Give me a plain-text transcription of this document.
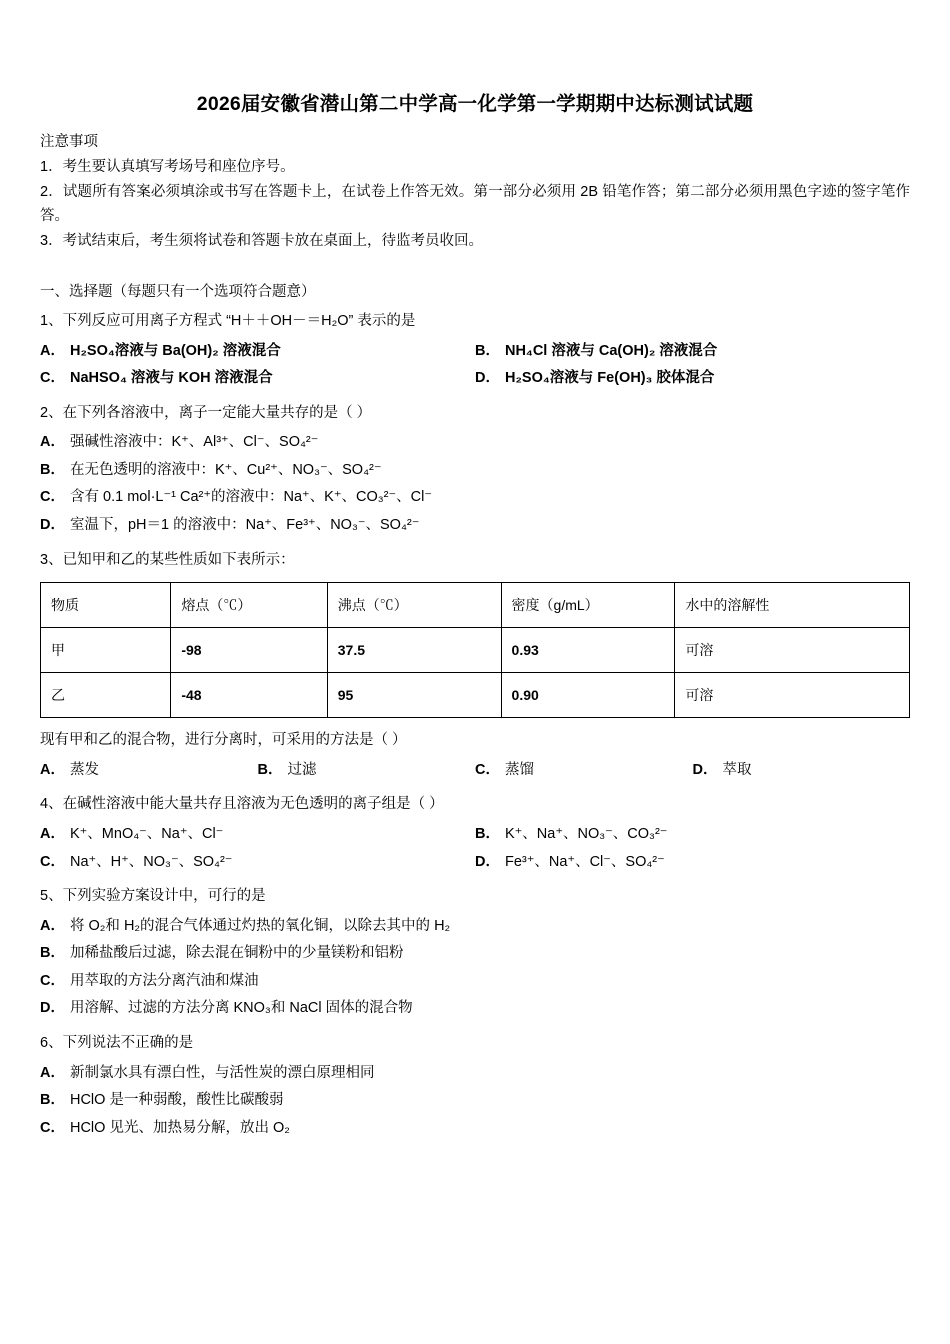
2026届安徽省潜山第二中学高一化学第一学期期中达标测试试题
注意事项

1．考生要认真填写考场号和座位序号。

2．试题所有答案必须填涂或书写在答题卡上，在试卷上作答无效。第一部分必须用 2B 铅笔作答；第二部分必须用黑色字迹的签字笔作答。

3．考试结束后，考生须将试卷和答题卡放在桌面上，待监考员收回。

一、选择题（每题只有一个选项符合题意）
1、下列反应可用离子方程式 “H＋＋OH－＝H₂O” 表示的是
A． H₂SO₄溶液与 Ba(OH)₂ 溶液混合	B． NH₄Cl 溶液与 Ca(OH)₂ 溶液混合
C． NaHSO₄ 溶液与 KOH 溶液混合	D． H₂SO₄溶液与 Fe(OH)₃ 胶体混合
2、在下列各溶液中，离子一定能大量共存的是（ ）
A． 强碱性溶液中：K⁺、Al³⁺、Cl⁻、SO₄²⁻
B． 在无色透明的溶液中：K⁺、Cu²⁺、NO₃⁻、SO₄²⁻
C． 含有 0.1 mol·L⁻¹ Ca²⁺的溶液中：Na⁺、K⁺、CO₃²⁻、Cl⁻
D． 室温下，pH＝1 的溶液中：Na⁺、Fe³⁺、NO₃⁻、SO₄²⁻
3、已知甲和乙的某些性质如下表所示：
物质	熔点（℃）	沸点（℃）	密度（g/mL）	水中的溶解性
甲	-98	37.5	0.93	可溶
乙	-48	95	0.90	可溶
现有甲和乙的混合物，进行分离时，可采用的方法是（ ）
A． 蒸发	B． 过滤	C． 蒸馏	D． 萃取
4、在碱性溶液中能大量共存且溶液为无色透明的离子组是（ ）
A． K⁺、MnO₄⁻、Na⁺、Cl⁻	B． K⁺、Na⁺、NO₃⁻、CO₃²⁻
C． Na⁺、H⁺、NO₃⁻、SO₄²⁻	D． Fe³⁺、Na⁺、Cl⁻、SO₄²⁻
5、下列实验方案设计中，可行的是
A． 将 O₂和 H₂的混合气体通过灼热的氧化铜，以除去其中的 H₂
B． 加稀盐酸后过滤，除去混在铜粉中的少量镁粉和铝粉
C． 用萃取的方法分离汽油和煤油
D． 用溶解、过滤的方法分离 KNO₃和 NaCl 固体的混合物
6、下列说法不正确的是
A． 新制氯水具有漂白性，与活性炭的漂白原理相同
B． HClO 是一种弱酸，酸性比碳酸弱
C． HClO 见光、加热易分解，放出 O₂
